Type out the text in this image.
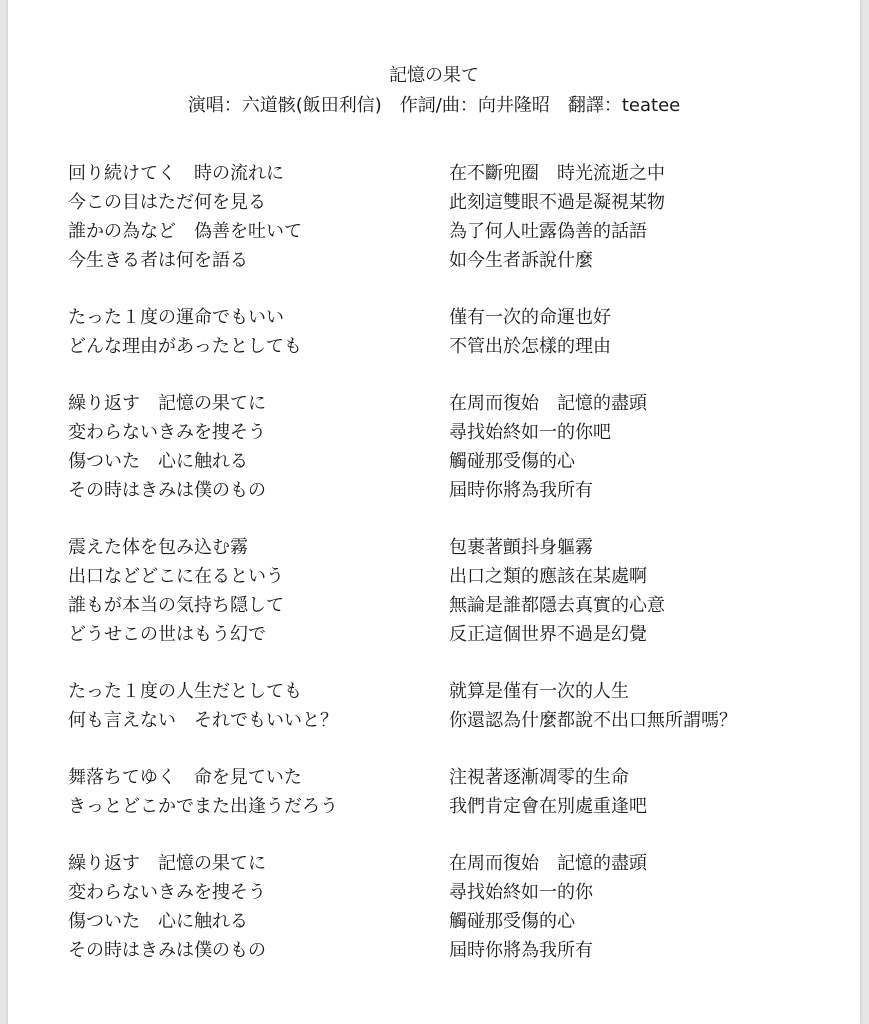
記憶の果て
演唱：六道骸(飯田利信)　作詞/曲：向井隆昭　翻譯：teatee
回り続けてく　時の流れに
今この目はただ何を見る
誰かの為など　偽善を吐いて
今生きる者は何を語る
たった１度の運命でもいい
どんな理由があったとしても
繰り返す　記憶の果てに
変わらないきみを捜そう
傷ついた　心に触れる
その時はきみは僕のもの
震えた体を包み込む霧
出口などどこに在るという
誰もが本当の気持ち隠して
どうせこの世はもう幻で
たった１度の人生だとしても
何も言えない　それでもいいと？
舞落ちてゆく　命を見ていた
きっとどこかでまた出逢うだろう
繰り返す　記憶の果てに
変わらないきみを捜そう
傷ついた　心に触れる
その時はきみは僕のもの
在不斷兜圈　時光流逝之中
此刻這雙眼不過是凝視某物
為了何人吐露偽善的話語
如今生者訴說什麼
僅有一次的命運也好
不管出於怎樣的理由
在周而復始　記憶的盡頭
尋找始終如一的你吧
觸碰那受傷的心
屆時你將為我所有
包裹著顫抖身軀霧
出口之類的應該在某處啊
無論是誰都隱去真實的心意
反正這個世界不過是幻覺
就算是僅有一次的人生
你還認為什麼都說不出口無所謂嗎？
注視著逐漸凋零的生命
我們肯定會在別處重逢吧
在周而復始　記憶的盡頭
尋找始終如一的你
觸碰那受傷的心
屆時你將為我所有
